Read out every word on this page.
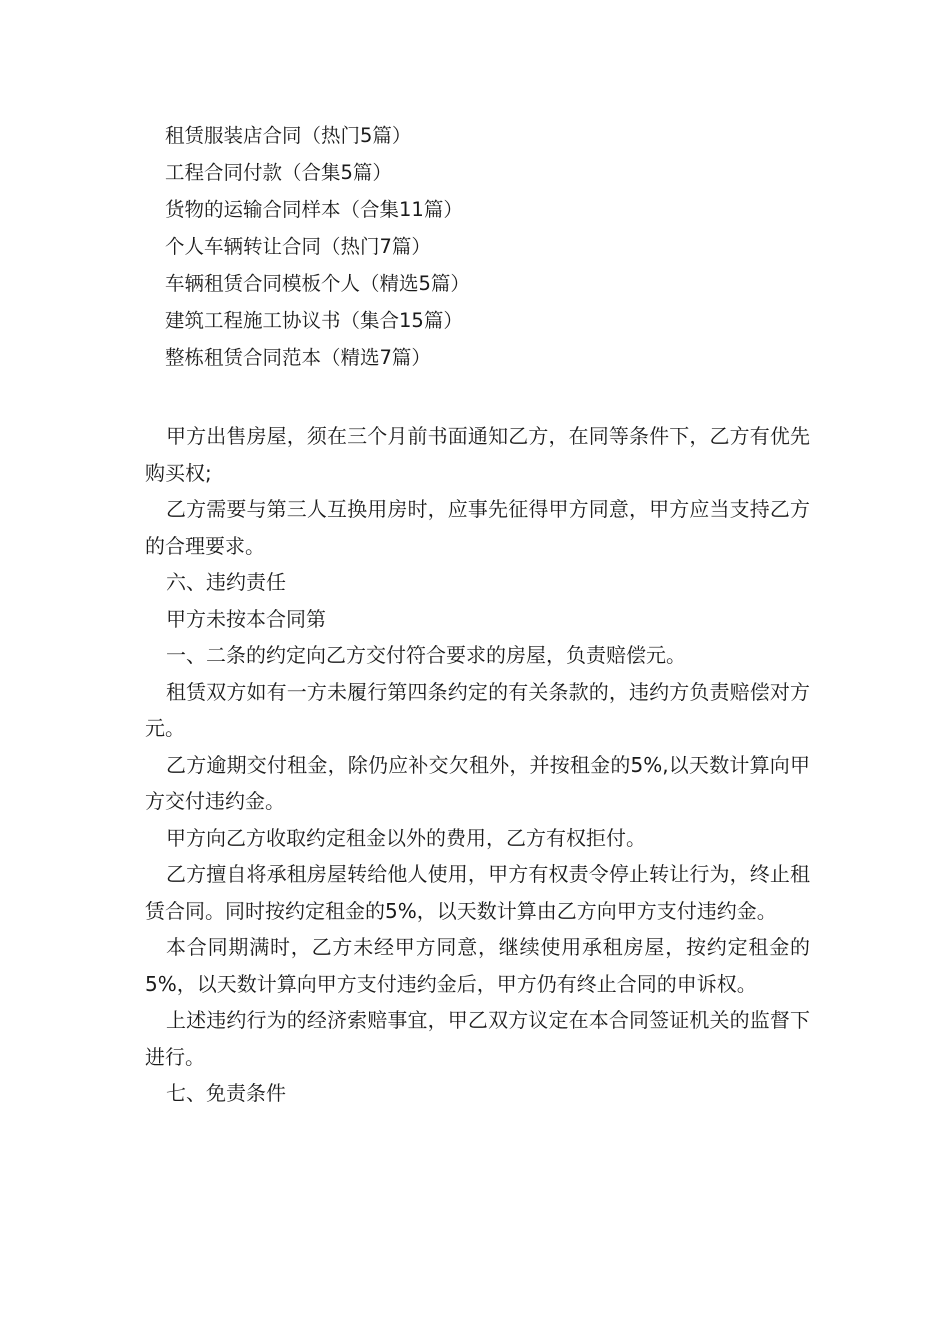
租赁服装店合同（热门5篇）
工程合同付款（合集5篇）
货物的运输合同样本（合集11篇）
个人车辆转让合同（热门7篇）
车辆租赁合同模板个人（精选5篇）
建筑工程施工协议书（集合15篇）
整栋租赁合同范本（精选7篇）

甲方出售房屋，须在三个月前书面通知乙方，在同等条件下，乙方有优先购买权;

乙方需要与第三人互换用房时，应事先征得甲方同意，甲方应当支持乙方的合理要求。

六、违约责任

甲方未按本合同第

一、二条的约定向乙方交付符合要求的房屋，负责赔偿元。

租赁双方如有一方未履行第四条约定的有关条款的，违约方负责赔偿对方元。

乙方逾期交付租金，除仍应补交欠租外，并按租金的5%,以天数计算向甲方交付违约金。

甲方向乙方收取约定租金以外的费用，乙方有权拒付。

乙方擅自将承租房屋转给他人使用，甲方有权责令停止转让行为，终止租赁合同。同时按约定租金的5%，以天数计算由乙方向甲方支付违约金。

本合同期满时，乙方未经甲方同意，继续使用承租房屋，按约定租金的5%，以天数计算向甲方支付违约金后，甲方仍有终止合同的申诉权。

上述违约行为的经济索赔事宜，甲乙双方议定在本合同签证机关的监督下进行。

七、免责条件
